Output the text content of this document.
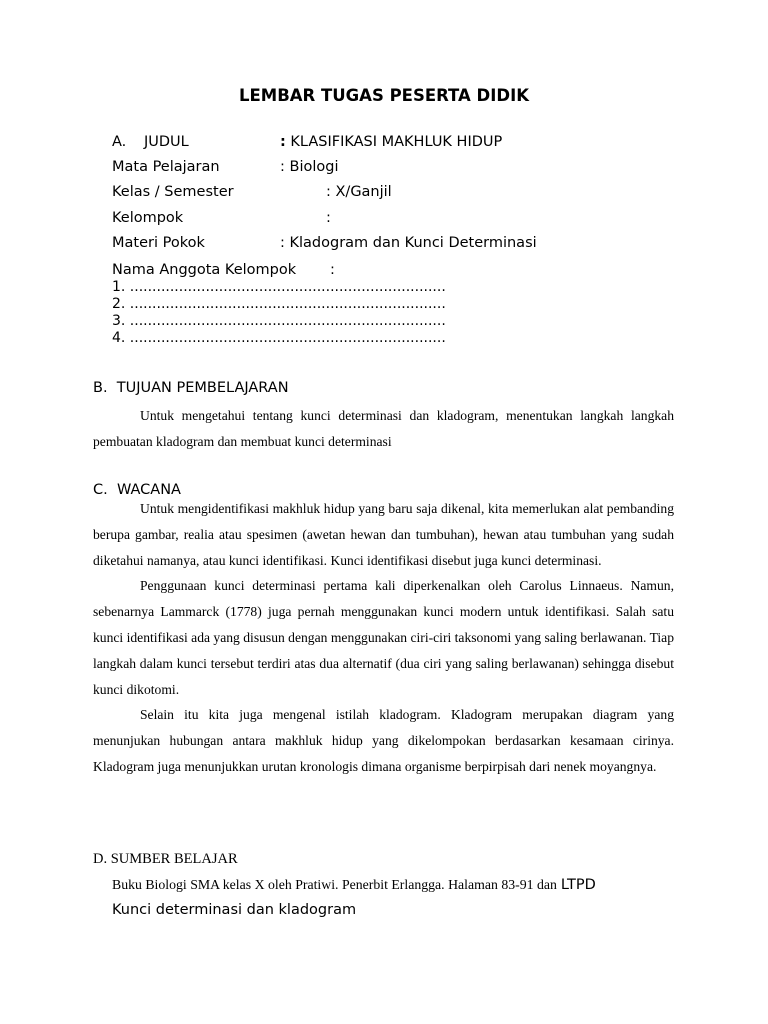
LEMBAR TUGAS PESERTA DIDIK
A. JUDUL	: KLASIFIKASI MAKHLUK HIDUP
Mata Pelajaran	: Biologi
Kelas / Semester	: X/Ganjil
Kelompok	:
Materi Pokok	: Kladogram dan Kunci Determinasi
Nama Anggota Kelompok :
1. .......................................................................
2. .......................................................................
3. .......................................................................
4. .......................................................................
B.  TUJUAN PEMBELAJARAN

Untuk mengetahui tentang kunci determinasi dan kladogram, menentukan langkah langkah pembuatan kladogram dan membuat kunci determinasi

C.  WACANA

Untuk mengidentifikasi makhluk hidup yang baru saja dikenal, kita memerlukan alat pembanding berupa gambar, realia atau spesimen (awetan hewan dan tumbuhan), hewan atau tumbuhan yang sudah diketahui namanya, atau kunci identifikasi. Kunci identifikasi disebut juga kunci determinasi.

Penggunaan kunci determinasi pertama kali diperkenalkan oleh Carolus Linnaeus. Namun, sebenarnya Lammarck (1778) juga pernah menggunakan kunci modern untuk identifikasi. Salah satu kunci identifikasi ada yang disusun dengan menggunakan ciri-ciri taksonomi yang saling berlawanan. Tiap langkah dalam kunci tersebut terdiri atas dua alternatif (dua ciri yang saling berlawanan) sehingga disebut kunci dikotomi.

Selain itu kita juga mengenal istilah kladogram. Kladogram merupakan diagram yang menunjukan hubungan antara makhluk hidup yang dikelompokan berdasarkan kesamaan cirinya. Kladogram juga menunjukkan urutan kronologis dimana organisme berpirpisah dari nenek moyangnya.

D. SUMBER BELAJAR
Buku Biologi SMA kelas X oleh Pratiwi. Penerbit Erlangga. Halaman 83-91 dan LTPD
Kunci determinasi dan kladogram
